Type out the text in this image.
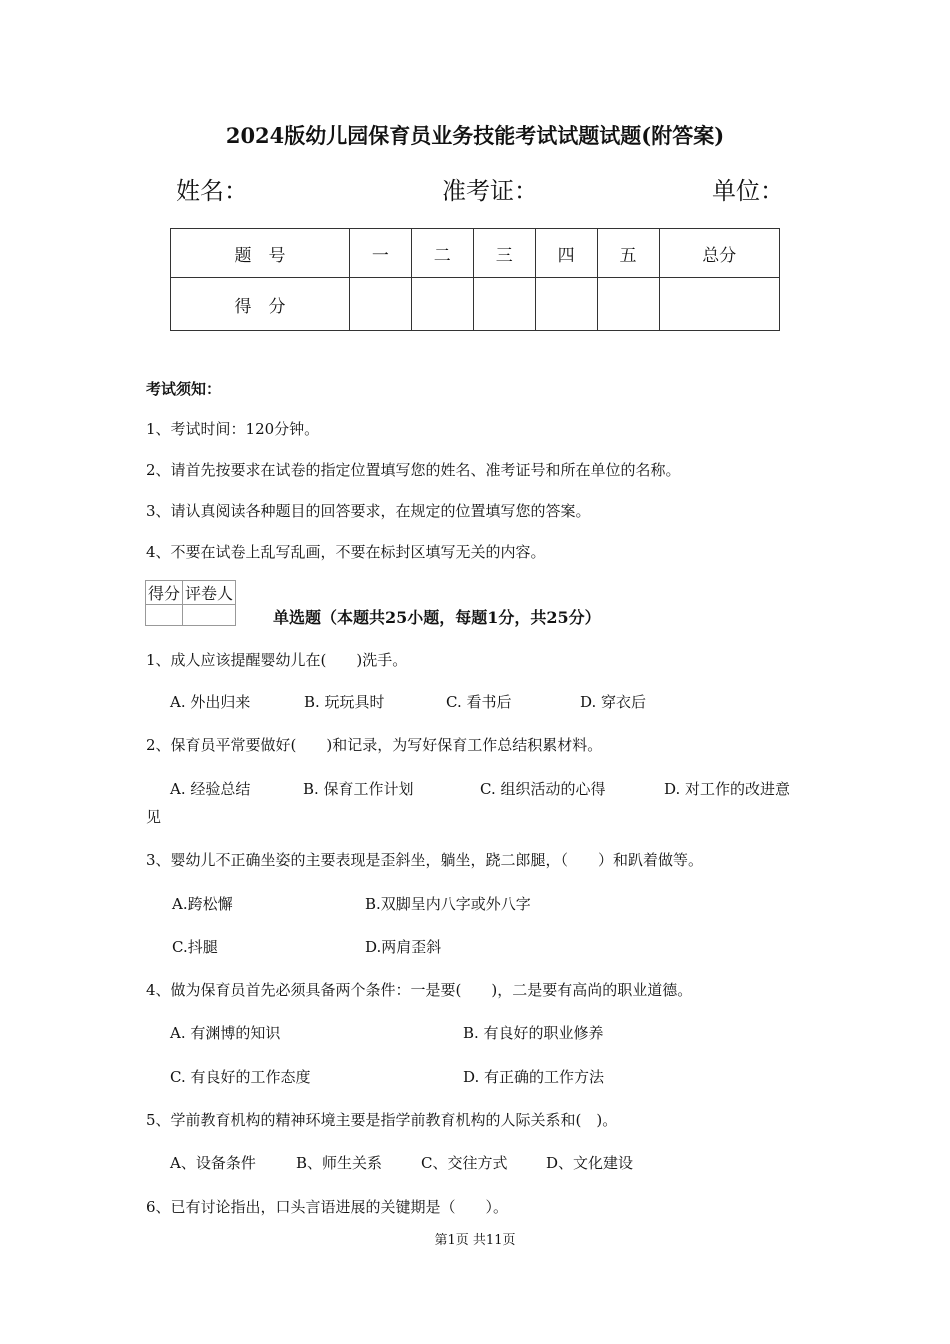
2024版幼儿园保育员业务技能考试试题试题(附答案)
姓名：	准考证：	单位：
题　号	一	二	三	四	五	总分
得　分						
考试须知：
1、考试时间：120分钟。
2、请首先按要求在试卷的指定位置填写您的姓名、准考证号和所在单位的名称。
3、请认真阅读各种题目的回答要求，在规定的位置填写您的答案。
4、不要在试卷上乱写乱画，不要在标封区填写无关的内容。
得分	评卷人

单选题（本题共25小题，每题1分，共25分）
1、成人应该提醒婴幼儿在(　　)洗手。
A. 外出归来	B. 玩玩具时	C. 看书后	D. 穿衣后
2、保育员平常要做好(　　)和记录，为写好保育工作总结积累材料。
A. 经验总结	B. 保育工作计划	C. 组织活动的心得	D. 对工作的改进意
见
3、婴幼儿不正确坐姿的主要表现是歪斜坐，躺坐，跷二郎腿，（　　）和趴着做等。
A.跨松懈	B.双脚呈内八字或外八字
C.抖腿	D.两肩歪斜
4、做为保育员首先必须具备两个条件：一是要(　　)，二是要有高尚的职业道德。
A. 有渊博的知识	B. 有良好的职业修养
C. 有良好的工作态度	D. 有正确的工作方法
5、学前教育机构的精神环境主要是指学前教育机构的人际关系和(　)。
A、设备条件	B、师生关系	C、交往方式	D、文化建设
6、已有讨论指出，口头言语进展的关键期是（　　）。
第1页 共11页
